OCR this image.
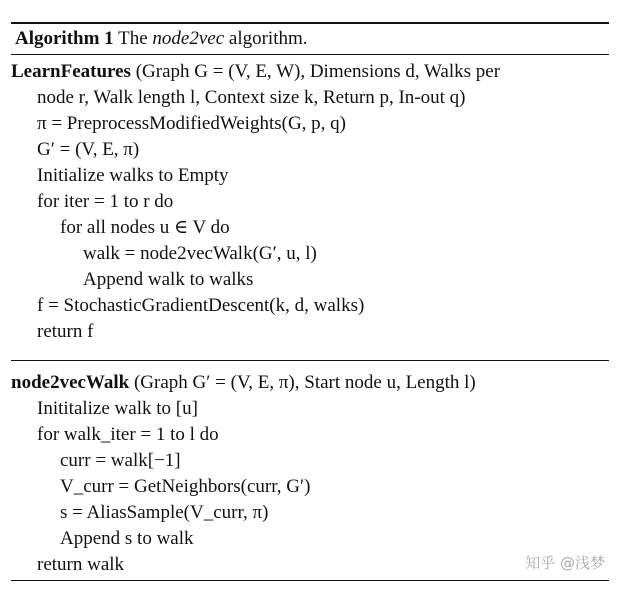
Algorithm 1 The node2vec algorithm.
LearnFeatures (Graph G = (V, E, W), Dimensions d, Walks per
node r, Walk length l, Context size k, Return p, In-out q)
π = PreprocessModifiedWeights(G, p, q)
G′ = (V, E, π)
Initialize walks to Empty
for iter = 1 to r do
for all nodes u ∈ V do
walk = node2vecWalk(G′, u, l)
Append walk to walks
f = StochasticGradientDescent(k, d, walks)
return f
node2vecWalk (Graph G′ = (V, E, π), Start node u, Length l)
Inititalize walk to [u]
for walk_iter = 1 to l do
curr = walk[−1]
V_curr = GetNeighbors(curr, G′)
s = AliasSample(V_curr, π)
Append s to walk
return walk	知乎 @浅梦
